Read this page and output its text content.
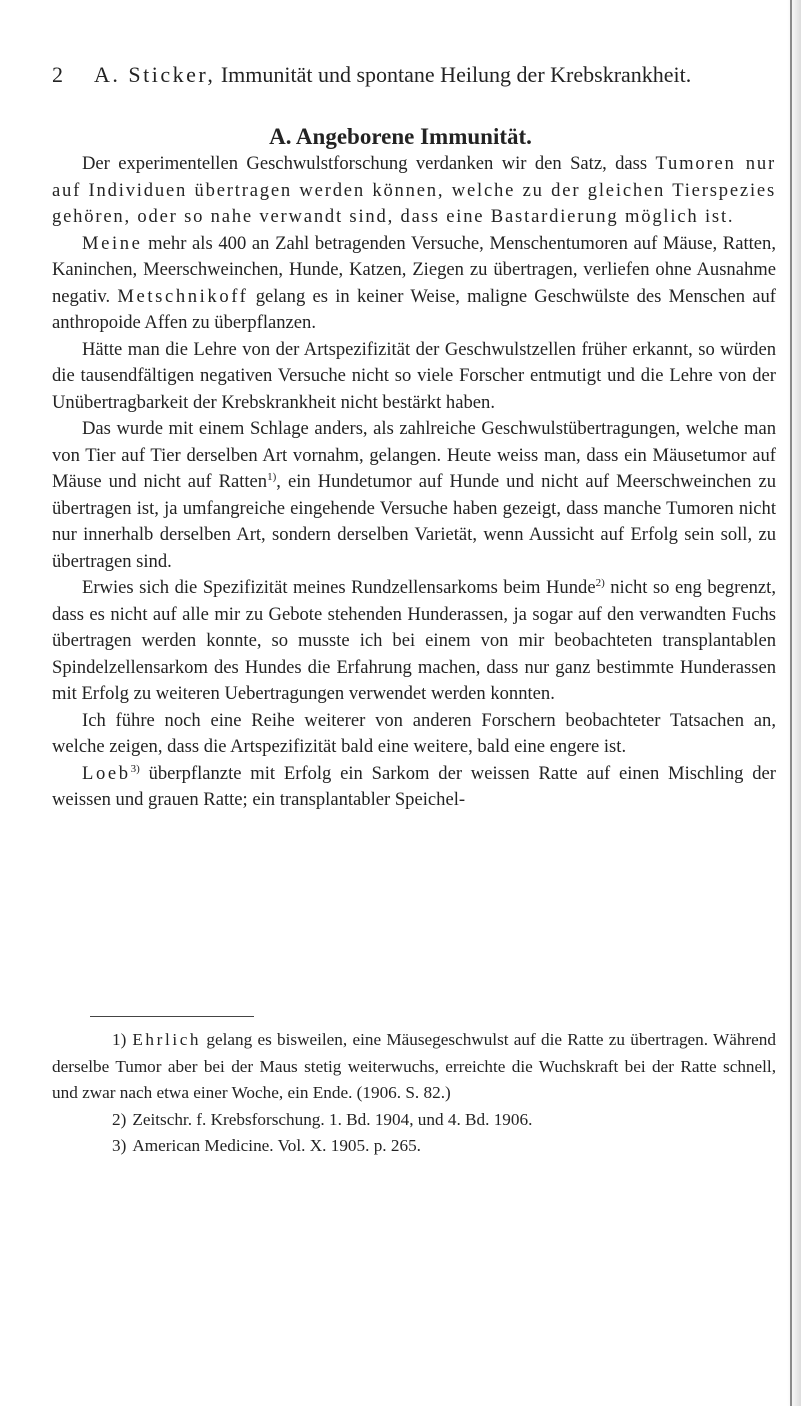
2 A. Sticker, Immunität und spontane Heilung der Krebskrankheit.
A. Angeborene Immunität.

Der experimentellen Geschwulstforschung verdanken wir den Satz, dass Tumoren nur auf Individuen übertragen werden können, welche zu der gleichen Tierspezies gehören, oder so nahe verwandt sind, dass eine Bastardierung möglich ist.

Meine mehr als 400 an Zahl betragenden Versuche, Menschentumoren auf Mäuse, Ratten, Kaninchen, Meerschweinchen, Hunde, Katzen, Ziegen zu übertragen, verliefen ohne Ausnahme negativ. Metschnikoff gelang es in keiner Weise, maligne Geschwülste des Menschen auf anthropoide Affen zu überpflanzen.

Hätte man die Lehre von der Artspezifizität der Geschwulstzellen früher erkannt, so würden die tausendfältigen negativen Versuche nicht so viele Forscher entmutigt und die Lehre von der Unübertragbarkeit der Krebskrankheit nicht bestärkt haben.

Das wurde mit einem Schlage anders, als zahlreiche Geschwulstübertragungen, welche man von Tier auf Tier derselben Art vornahm, gelangen. Heute weiss man, dass ein Mäusetumor auf Mäuse und nicht auf Ratten$^{1)}$, ein Hundetumor auf Hunde und nicht auf Meerschweinchen zu übertragen ist, ja umfangreiche eingehende Versuche haben gezeigt, dass manche Tumoren nicht nur innerhalb derselben Art, sondern derselben Varietät, wenn Aussicht auf Erfolg sein soll, zu übertragen sind.

Erwies sich die Spezifizität meines Rundzellensarkoms beim Hunde$^{2)}$ nicht so eng begrenzt, dass es nicht auf alle mir zu Gebote stehenden Hunderassen, ja sogar auf den verwandten Fuchs übertragen werden konnte, so musste ich bei einem von mir beobachteten transplantablen Spindelzellensarkom des Hundes die Erfahrung machen, dass nur ganz bestimmte Hunderassen mit Erfolg zu weiteren Uebertragungen verwendet werden konnten.

Ich führe noch eine Reihe weiterer von anderen Forschern beobachteter Tatsachen an, welche zeigen, dass die Artspezifizität bald eine weitere, bald eine engere ist.

Loeb$^{3)}$ überpflanzte mit Erfolg ein Sarkom der weissen Ratte auf einen Mischling der weissen und grauen Ratte; ein transplantabler Speichel-

1) Ehrlich gelang es bisweilen, eine Mäusegeschwulst auf die Ratte zu übertragen. Während derselbe Tumor aber bei der Maus stetig weiterwuchs, erreichte die Wuchskraft bei der Ratte schnell, und zwar nach etwa einer Woche, ein Ende. (1906. S. 82.)

2) Zeitschr. f. Krebsforschung. 1. Bd. 1904, und 4. Bd. 1906.

3) American Medicine. Vol. X. 1905. p. 265.
